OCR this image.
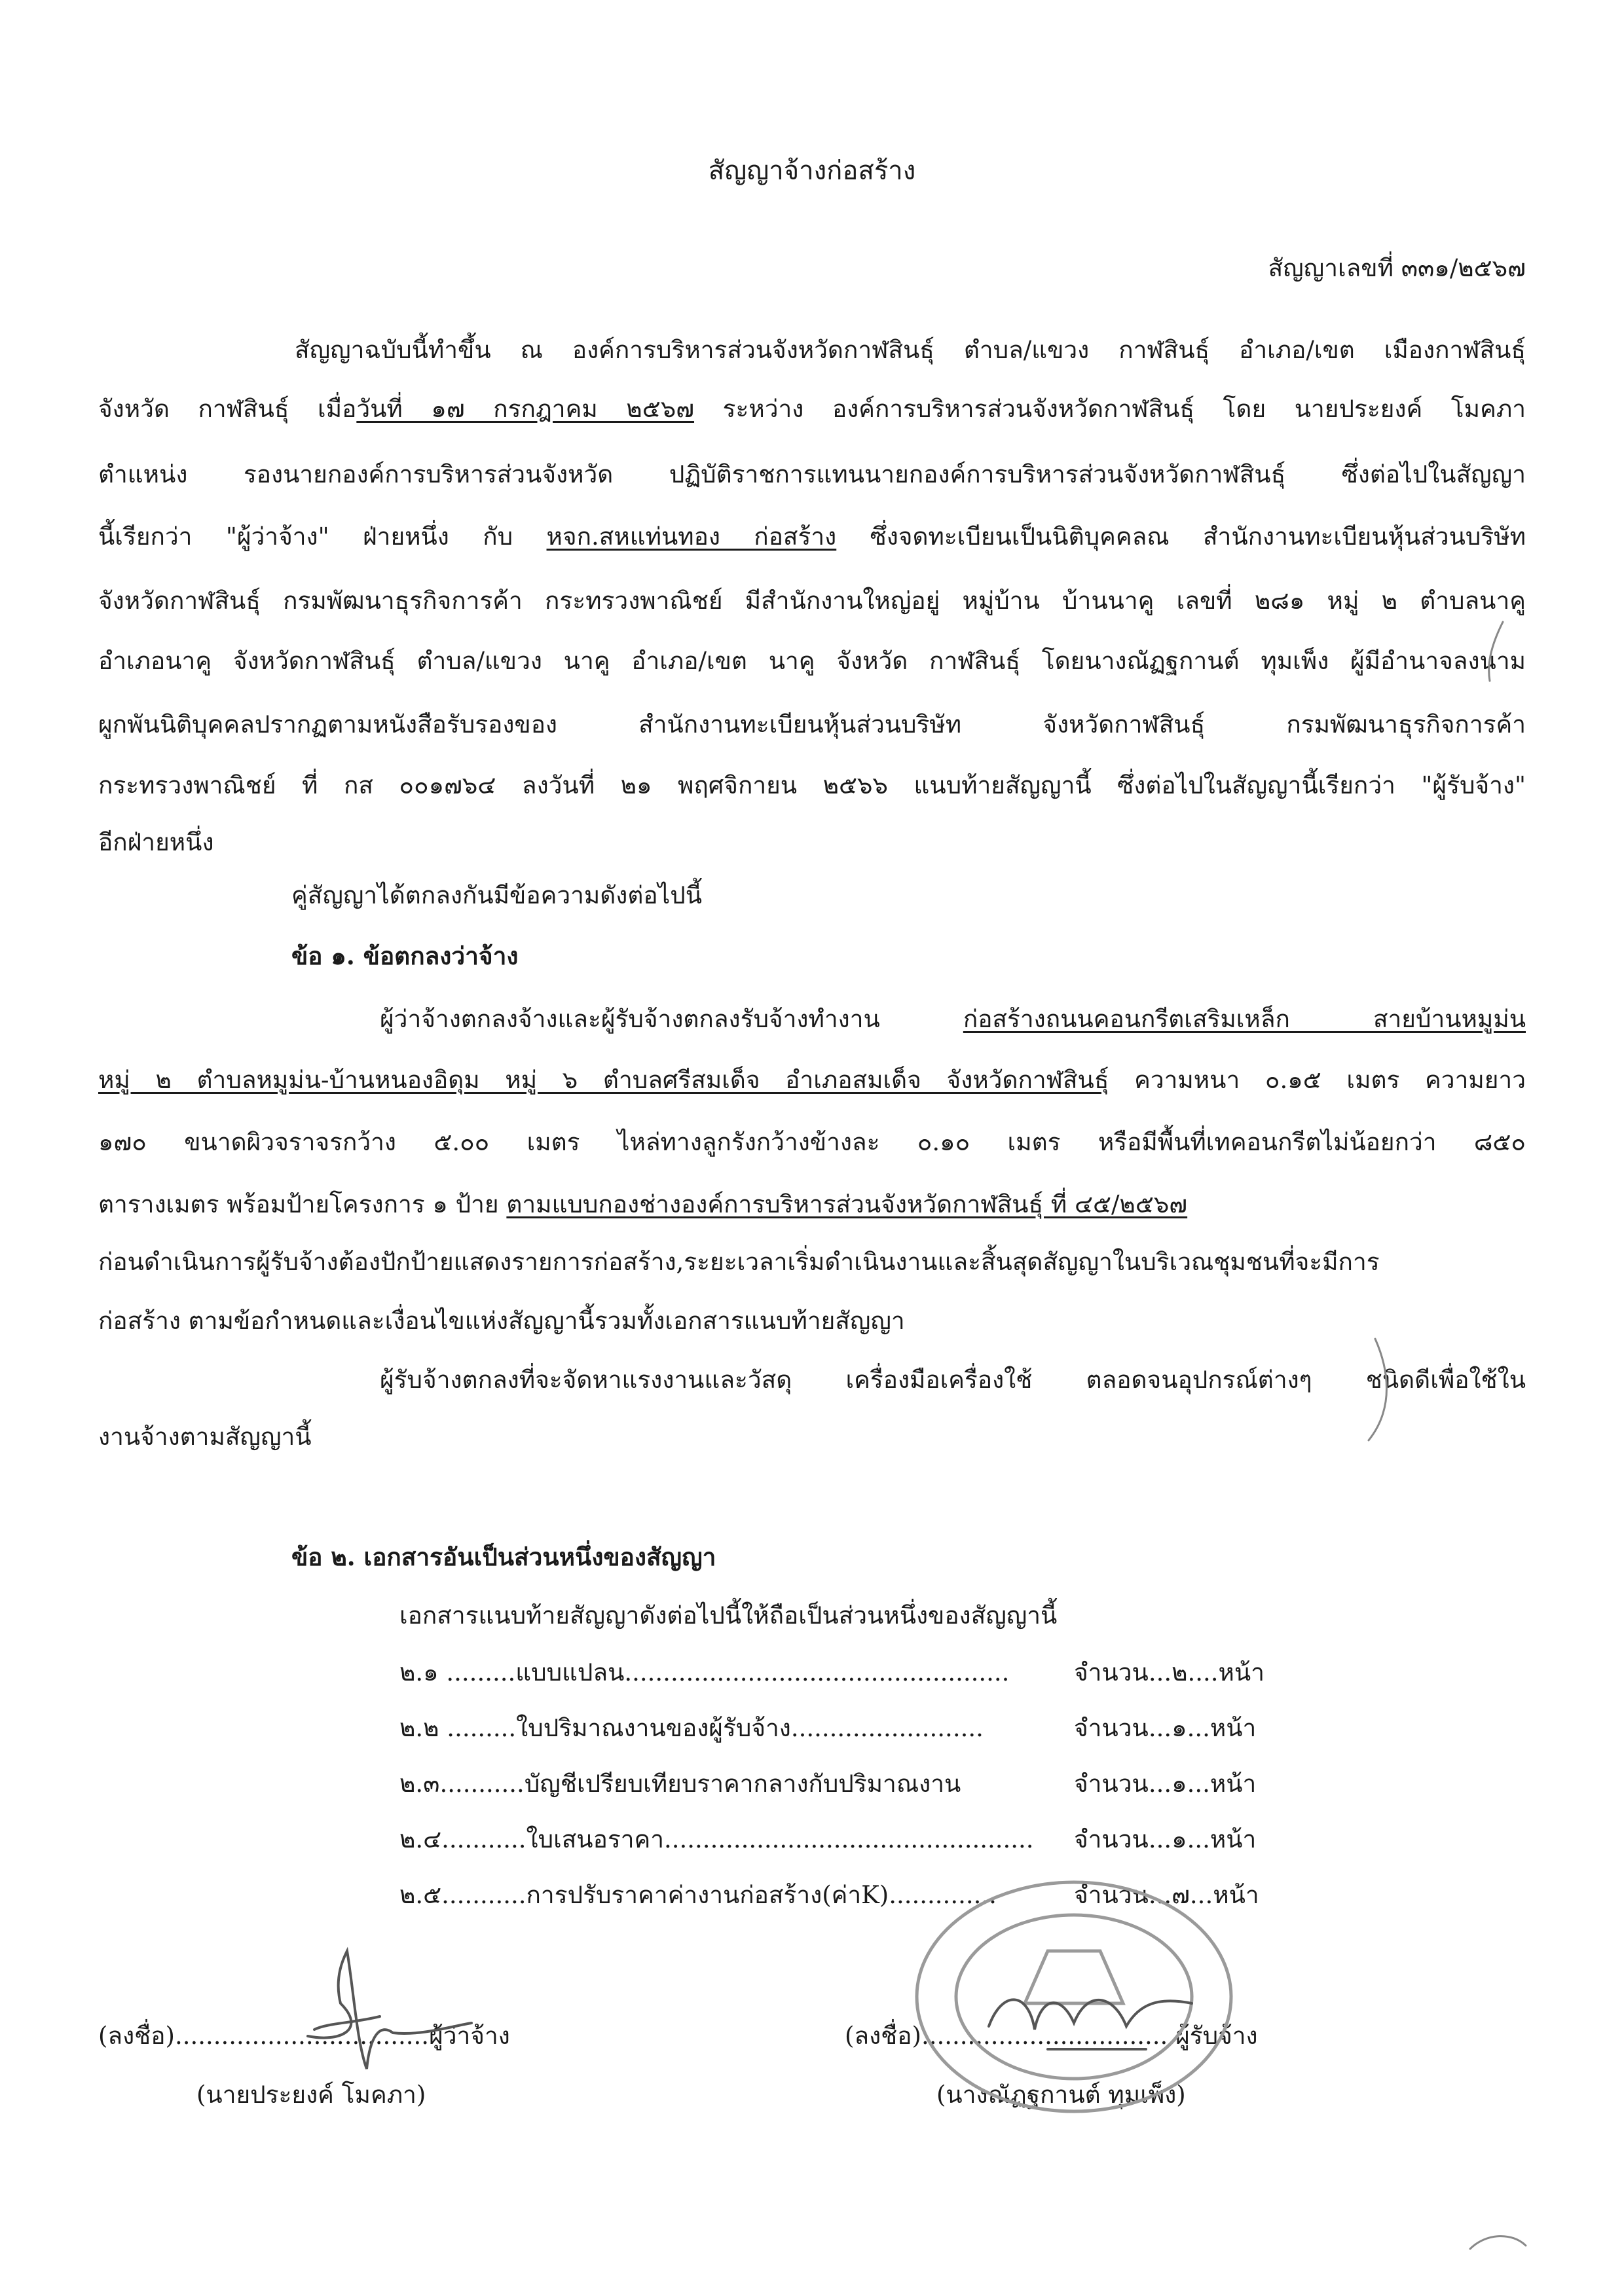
สัญญาจ้างก่อสร้าง
สัญญาเลขที่ ๓๓๑/๒๕๖๗
สัญญาฉบับนี้ทำขึ้น ณ องค์การบริหารส่วนจังหวัดกาฬสินธุ์ ตำบล/แขวง กาฬสินธุ์ อำเภอ/เขต เมืองกาฬสินธุ์
จังหวัด กาฬสินธุ์ เมื่อวันที่ ๑๗ กรกฎาคม ๒๕๖๗ ระหว่าง องค์การบริหารส่วนจังหวัดกาฬสินธุ์ โดย นายประยงค์ โมคภา
ตำแหน่ง รองนายกองค์การบริหารส่วนจังหวัด ปฏิบัติราชการแทนนายกองค์การบริหารส่วนจังหวัดกาฬสินธุ์ ซึ่งต่อไปในสัญญา
นี้เรียกว่า "ผู้ว่าจ้าง" ฝ่ายหนึ่ง กับ หจก.สหแท่นทอง ก่อสร้าง ซึ่งจดทะเบียนเป็นนิติบุคคลณ สำนักงานทะเบียนหุ้นส่วนบริษัท
จังหวัดกาฬสินธุ์ กรมพัฒนาธุรกิจการค้า กระทรวงพาณิชย์ มีสำนักงานใหญ่อยู่ หมู่บ้าน บ้านนาคู เลขที่ ๒๘๑ หมู่ ๒ ตำบลนาคู
อำเภอนาคู จังหวัดกาฬสินธุ์ ตำบล/แขวง นาคู อำเภอ/เขต นาคู จังหวัด กาฬสินธุ์ โดยนางณัฏฐกานต์ ทุมเพ็ง ผู้มีอำนาจลงนาม
ผูกพันนิติบุคคลปรากฏตามหนังสือรับรองของ สำนักงานทะเบียนหุ้นส่วนบริษัท จังหวัดกาฬสินธุ์ กรมพัฒนาธุรกิจการค้า
กระทรวงพาณิชย์ ที่ กส ๐๐๑๗๖๔ ลงวันที่ ๒๑ พฤศจิกายน ๒๕๖๖ แนบท้ายสัญญานี้ ซึ่งต่อไปในสัญญานี้เรียกว่า "ผู้รับจ้าง"
อีกฝ่ายหนึ่ง
คู่สัญญาได้ตกลงกันมีข้อความดังต่อไปนี้
ข้อ ๑. ข้อตกลงว่าจ้าง
ผู้ว่าจ้างตกลงจ้างและผู้รับจ้างตกลงรับจ้างทำงาน ก่อสร้างถนนคอนกรีตเสริมเหล็ก สายบ้านหมูม่น
หมู่ ๒ ตำบลหมูม่น-บ้านหนองอิดุม หมู่ ๖ ตำบลศรีสมเด็จ อำเภอสมเด็จ จังหวัดกาฬสินธุ์ ความหนา ๐.๑๕ เมตร ความยาว
๑๗๐ ขนาดผิวจราจรกว้าง ๕.๐๐ เมตร ไหล่ทางลูกรังกว้างข้างละ ๐.๑๐ เมตร หรือมีพื้นที่เทคอนกรีตไม่น้อยกว่า ๘๕๐
ตารางเมตร พร้อมป้ายโครงการ ๑ ป้าย ตามแบบกองช่างองค์การบริหารส่วนจังหวัดกาฬสินธุ์ ที่ ๔๕/๒๕๖๗
ก่อนดำเนินการผู้รับจ้างต้องปักป้ายแสดงรายการก่อสร้าง,ระยะเวลาเริ่มดำเนินงานและสิ้นสุดสัญญาในบริเวณชุมชนที่จะมีการ
ก่อสร้าง ตามข้อกำหนดและเงื่อนไขแห่งสัญญานี้รวมทั้งเอกสารแนบท้ายสัญญา
ผู้รับจ้างตกลงที่จะจัดหาแรงงานและวัสดุ เครื่องมือเครื่องใช้ ตลอดจนอุปกรณ์ต่างๆ ชนิดดีเพื่อใช้ใน
งานจ้างตามสัญญานี้
ข้อ ๒. เอกสารอันเป็นส่วนหนึ่งของสัญญา
เอกสารแนบท้ายสัญญาดังต่อไปนี้ให้ถือเป็นส่วนหนึ่งของสัญญานี้
๒.๑ .........แบบแปลน..................................................	จำนวน...๒....หน้า
๒.๒ .........ใบปริมาณงานของผู้รับจ้าง.........................	จำนวน...๑...หน้า
๒.๓...........บัญชีเปรียบเทียบราคากลางกับปริมาณงาน	จำนวน...๑...หน้า
๒.๔...........ใบเสนอราคา................................................ จำนวน...๑...หน้า
๒.๕...........การปรับราคาค่างานก่อสร้าง(ค่าK)..............	จำนวน...๗...หน้า
(ลงชื่อ).................................ผู้ว่าจ้าง
(นายประยงค์ โมคภา)
(ลงชื่อ).................................ผู้รับจ้าง
(นางณัฏฐกานต์ ทุมเพ็ง)
